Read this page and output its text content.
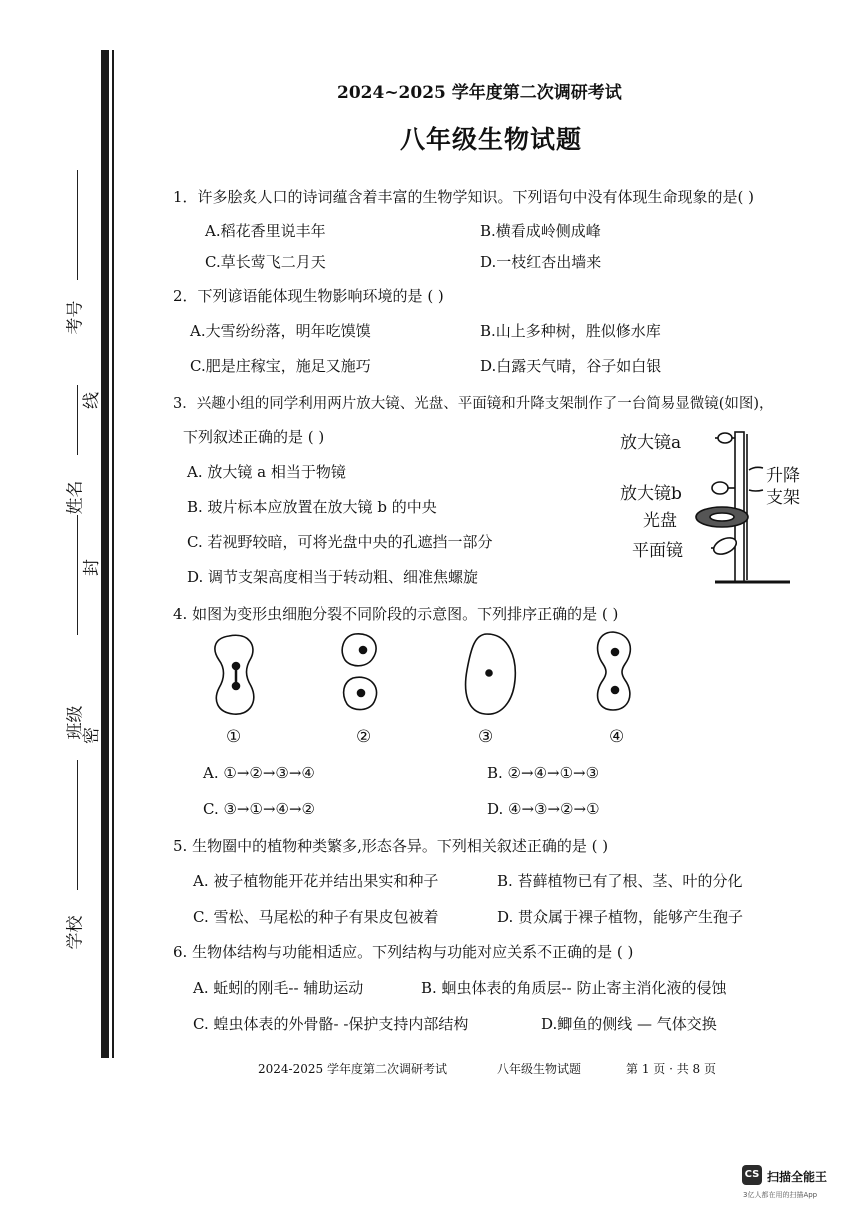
考号
线
姓名
封
班级
密
学校
2024~2025 学年度第二次调研考试
八年级生物试题
1．许多脍炙人口的诗词蕴含着丰富的生物学知识。下列语句中没有体现生命现象的是( )
A.稻花香里说丰年	B.横看成岭侧成峰
C.草长莺飞二月天	D.一枝红杏出墙来
2．下列谚语能体现生物影响环境的是 ( )
A.大雪纷纷落，明年吃馍馍	B.山上多种树，胜似修水库
C.肥是庄稼宝，施足又施巧	D.白露天气晴，谷子如白银
3．兴趣小组的同学利用两片放大镜、光盘、平面镜和升降支架制作了一台简易显微镜(如图)，
下列叙述正确的是 ( )
A. 放大镜 a 相当于物镜
B. 玻片标本应放置在放大镜 b 的中央
C. 若视野较暗，可将光盘中央的孔遮挡一部分
D. 调节支架高度相当于转动粗、细准焦螺旋
放大镜a
放大镜b
光盘
平面镜
升降
支架
4. 如图为变形虫细胞分裂不同阶段的示意图。下列排序正确的是 ( )
①	②	③	④
A. ①→②→③→④	B. ②→④→①→③
C. ③→①→④→②	D. ④→③→②→①
5. 生物圈中的植物种类繁多,形态各异。下列相关叙述正确的是 ( )
A. 被子植物能开花并结出果实和种子	B. 苔藓植物已有了根、茎、叶的分化
C. 雪松、马尾松的种子有果皮包被着	D. 贯众属于裸子植物，能够产生孢子
6. 生物体结构与功能相适应。下列结构与功能对应关系不正确的是 ( )
A. 蚯蚓的刚毛-- 辅助运动	B. 蛔虫体表的角质层-- 防止寄主消化液的侵蚀
C. 蝗虫体表的外骨骼- -保护支持内部结构	D.鲫鱼的侧线 — 气体交换
2024-2025 学年度第二次调研考试	八年级生物试题	第 1 页 · 共 8 页
CS 扫描全能王
3亿人都在用的扫描App
